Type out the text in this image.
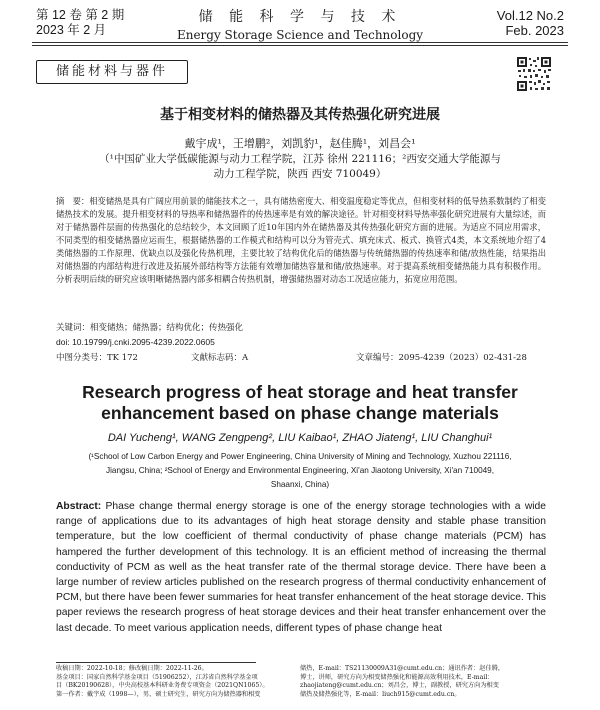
第 12 卷 第 2 期
2023 年 2 月
储 能 科 学 与 技 术
Energy Storage Science and Technology
Vol.12 No.2
Feb. 2023
储能材料与器件
基于相变材料的储热器及其传热强化研究进展
戴宇成¹，王增鹏²，刘凯豹¹，赵佳腾¹，刘昌会¹
（¹中国矿业大学低碳能源与动力工程学院，江苏 徐州 221116；²西安交通大学能源与
动力工程学院，陕西 西安 710049）
摘　要：相变储热是具有广阔应用前景的储能技术之一，具有储热密度大、相变温度稳定等优点，但相变材料的低导热系数制约了相变储热技术的发展。提升相变材料的导热率和储热器件的传热速率是有效的解决途径。针对相变材料导热率强化研究进展有大量综述，而对于储热器件层面的传热强化的总结较少，本文回顾了近10年国内外在储热器及其传热强化研究方面的进展。为适应不同应用需求，不同类型的相变储热器应运而生，根据储热器的工作模式和结构可以分为管壳式、填充床式、板式、换管式4类，本文系统地介绍了4类储热器的工作原理、优缺点以及强化传热机理，主要比较了结构优化后的储热器与传统储热器的传热速率和储/放热性能，结果指出对储热器的内部结构进行改进及拓展外部结构等方法能有效增加储热容量和储/放热速率。对于提高系统相变储热能力具有积极作用。分析表明后续的研究应该明晰储热器内部多相耦合传热机制，增强储热器对动态工况适应能力，拓宽应用范围。
关键词：相变储热；储热器；结构优化；传热强化
doi: 10.19799/j.cnki.2095-4239.2022.0605
中图分类号：TK 172	文献标志码：A	文章编号：2095-4239（2023）02-431-28
Research progress of heat storage and heat transfer
enhancement based on phase change materials
DAI Yucheng¹, WANG Zengpeng², LIU Kaibao¹, ZHAO Jiateng¹, LIU Changhui¹
(¹School of Low Carbon Energy and Power Engineering, China University of Mining and Technology, Xuzhou 221116,
Jiangsu, China; ²School of Energy and Environmental Engineering, Xi'an Jiaotong University, Xi'an 710049,
Shaanxi, China)
Abstract: Phase change thermal energy storage is one of the energy storage technologies with a wide range of applications due to its advantages of high heat storage density and stable phase transition temperature, but the low coefficient of thermal conductivity of phase change materials (PCM) has hampered the further development of this technology. It is an efficient method of increasing the thermal conductivity of PCM as well as the heat transfer rate of the thermal storage device. There have been a large number of review articles published on the research progress of thermal conductivity enhancement of PCM, but there have been fewer summaries for heat transfer enhancement of the heat storage device. This paper reviews the research progress of heat storage devices and their heat transfer enhancement over the last decade. To meet various application needs, different types of phase change heat
收稿日期：2022-10-18；修改稿日期：2022-11-26。
基金项目：国家自然科学基金项目（51906252），江苏省自然科学基金项
目（BK20190628），中央高校基本科研业务费专项资金（2021QN1065）。
第一作者：戴宇成（1998—），男，硕士研究生，研究方向为储热器和相变
储热，E-mail：TS21130009A31@cumt.edu.cn；通讯作者：赵佳腾，
博士，讲师，研究方向为相变储热强化和能源高效利用技术，E-mail：
zhaojiateng@cumt.edu.cn；刘昌会，博士，副教授，研究方向为相变
储热及储热强化等，E-mail：liuch915@cumt.edu.cn。
